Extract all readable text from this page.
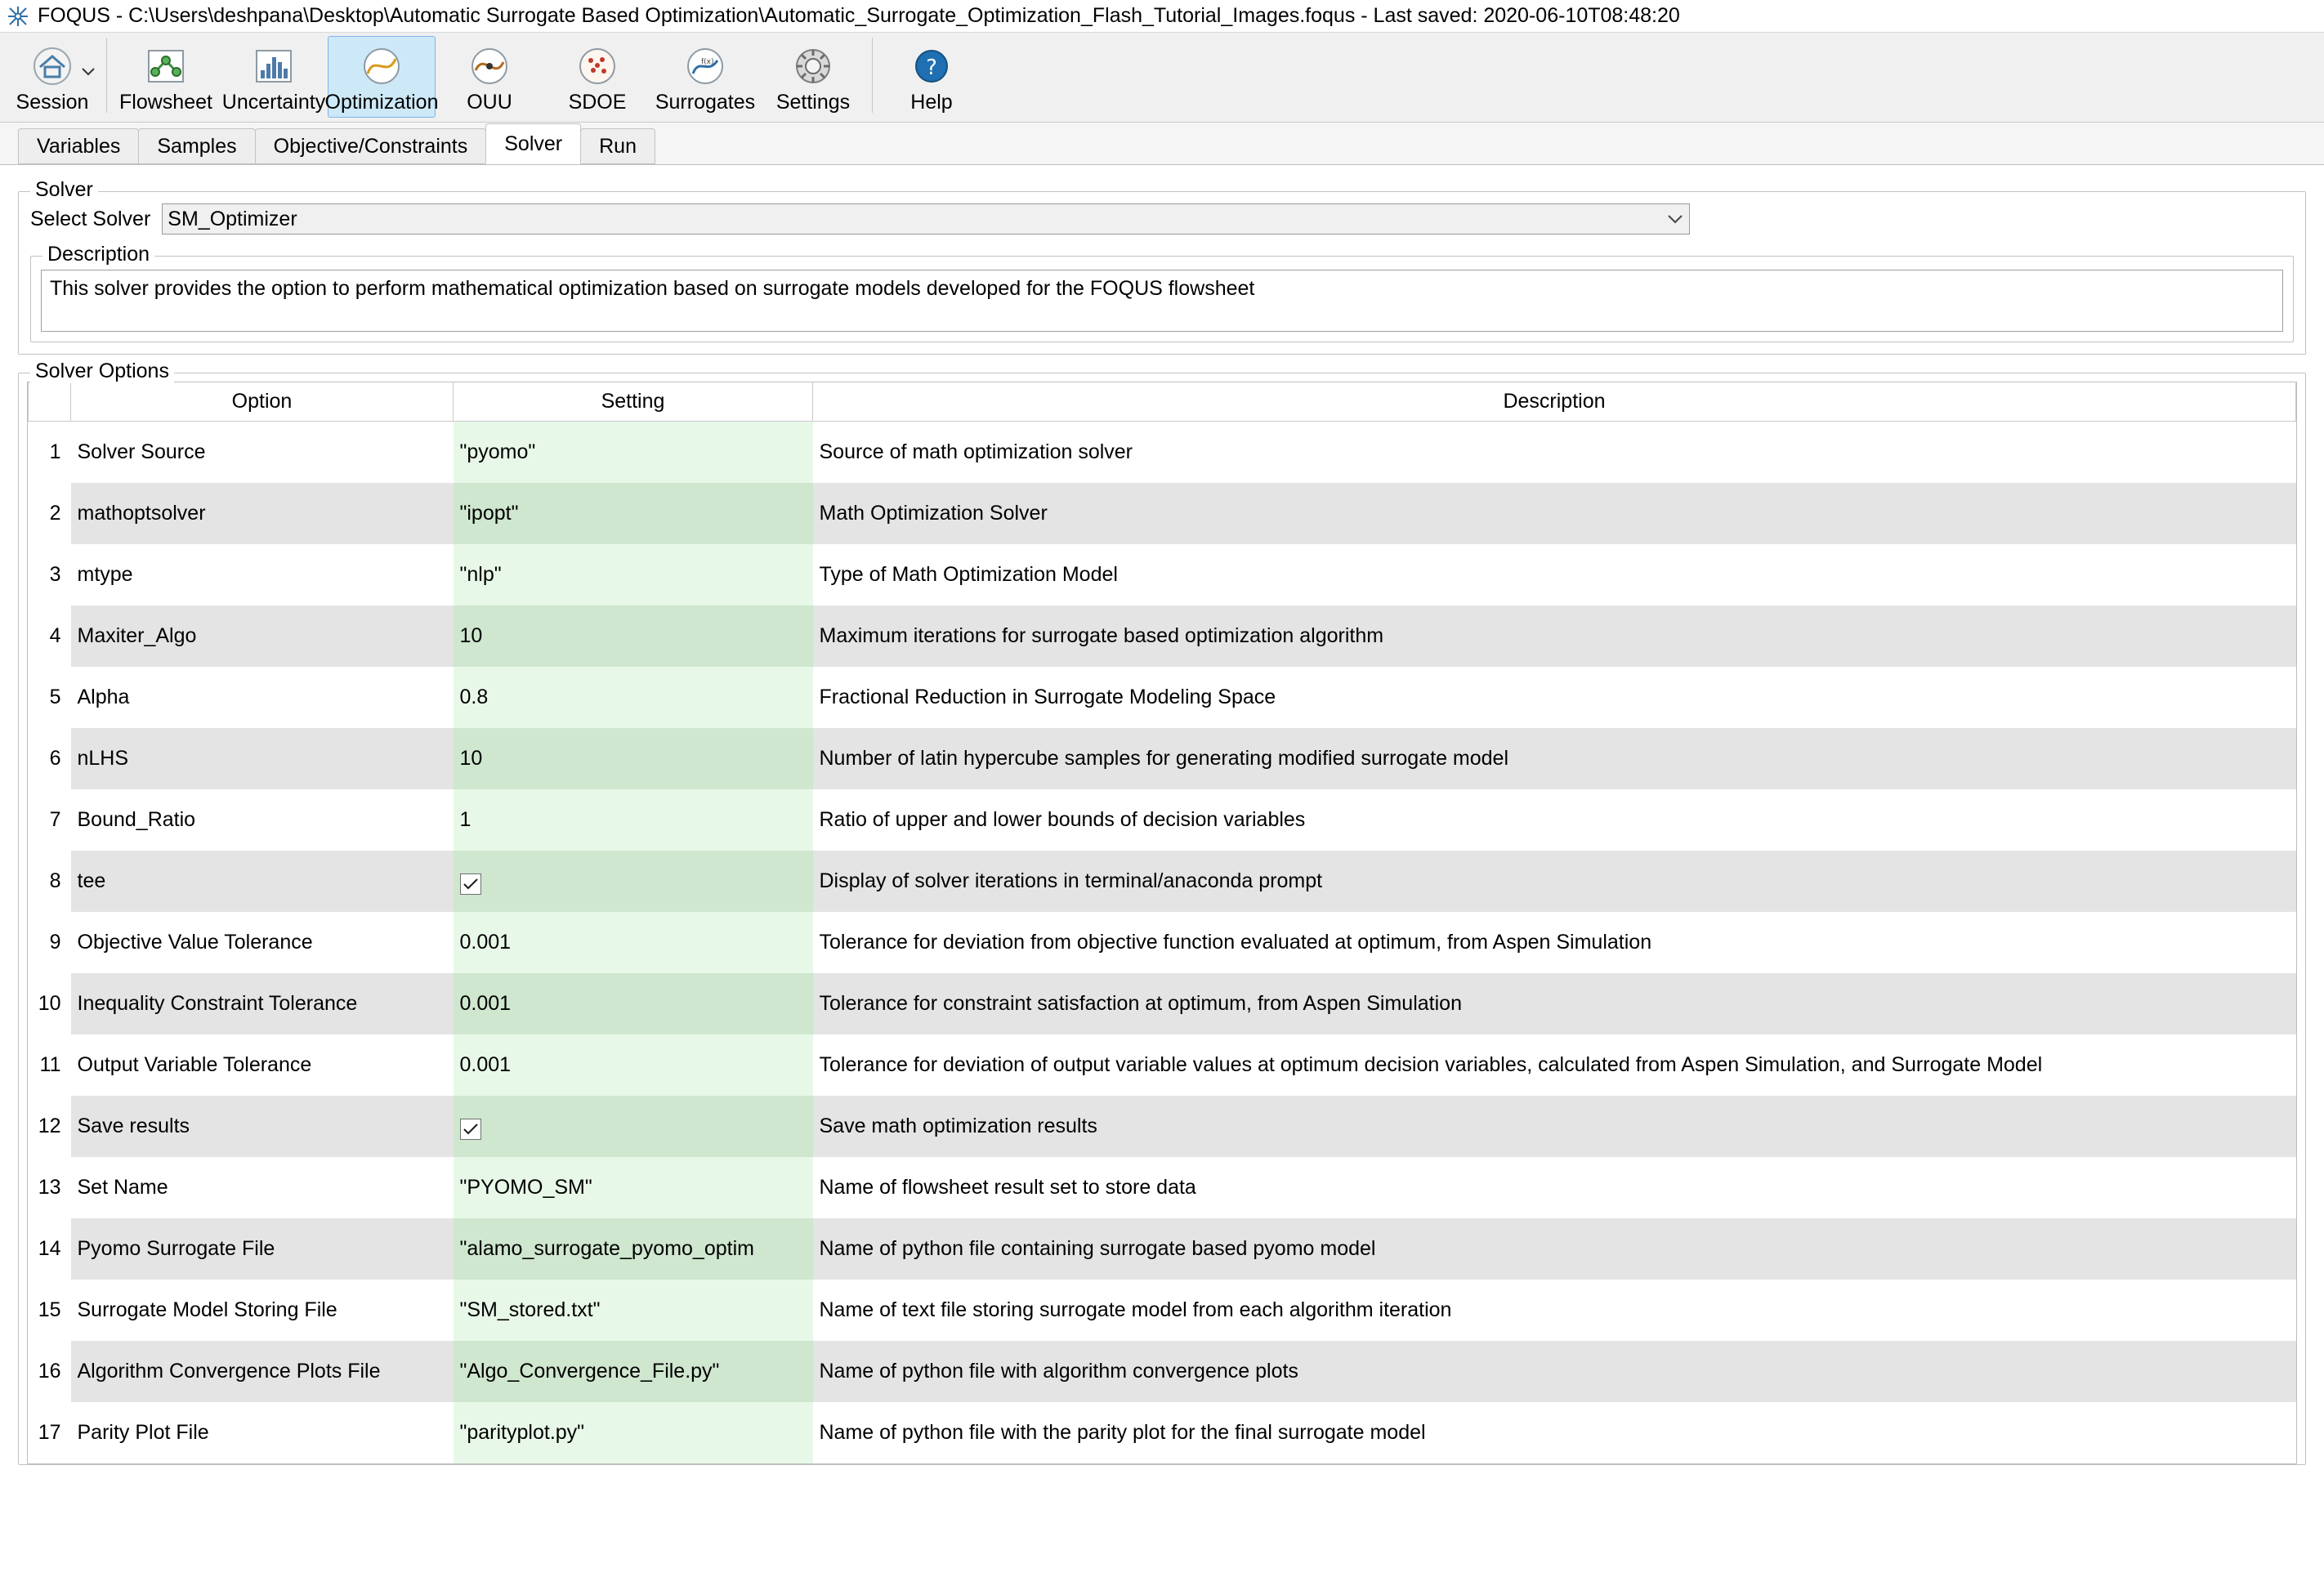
FOQUS - C:\Users\deshpana\Desktop\Automatic Surrogate Based Optimization\Automatic_Surrogate_Optimization_Flash_Tutorial_Images.foqus - Last saved: 2020-06-10T08:48:20
Session Flowsheet Uncertainty Optimization OUU	SDOE
f(x)
Surrogates Settings
?
Help
Variables Samples Objective/Constraints Solver Run
Solver
Select Solver SM_Optimizer
Description
This solver provides the option to perform mathematical optimization based on surrogate models developed for the FOQUS flowsheet
Solver Options
	Option	Setting	Description
1	Solver Source	"pyomo"	Source of math optimization solver
2	mathoptsolver	"ipopt"	Math Optimization Solver
3	mtype	"nlp"	Type of Math Optimization Model
4	Maxiter_Algo	10	Maximum iterations for surrogate based optimization algorithm
5	Alpha	0.8	Fractional Reduction in Surrogate Modeling Space
6	nLHS	10	Number of latin hypercube samples for generating modified surrogate model
7	Bound_Ratio	1	Ratio of upper and lower bounds of decision variables
8	tee		Display of solver iterations in terminal/anaconda prompt
9	Objective Value Tolerance	0.001	Tolerance for deviation from objective function evaluated at optimum, from Aspen Simulation
10	Inequality Constraint Tolerance	0.001	Tolerance for constraint satisfaction at optimum, from Aspen Simulation
11	Output Variable Tolerance	0.001	Tolerance for deviation of output variable values at optimum decision variables, calculated from Aspen Simulation, and Surrogate Model
12	Save results		Save math optimization results
13	Set Name	"PYOMO_SM"	Name of flowsheet result set to store data
14	Pyomo Surrogate File	"alamo_surrogate_pyomo_optim	Name of python file containing surrogate based pyomo model
15	Surrogate Model Storing File	"SM_stored.txt"	Name of text file storing surrogate model from each algorithm iteration
16	Algorithm Convergence Plots File	"Algo_Convergence_File.py"	Name of python file with algorithm convergence plots
17	Parity Plot File	"parityplot.py"	Name of python file with the parity plot for the final surrogate model
